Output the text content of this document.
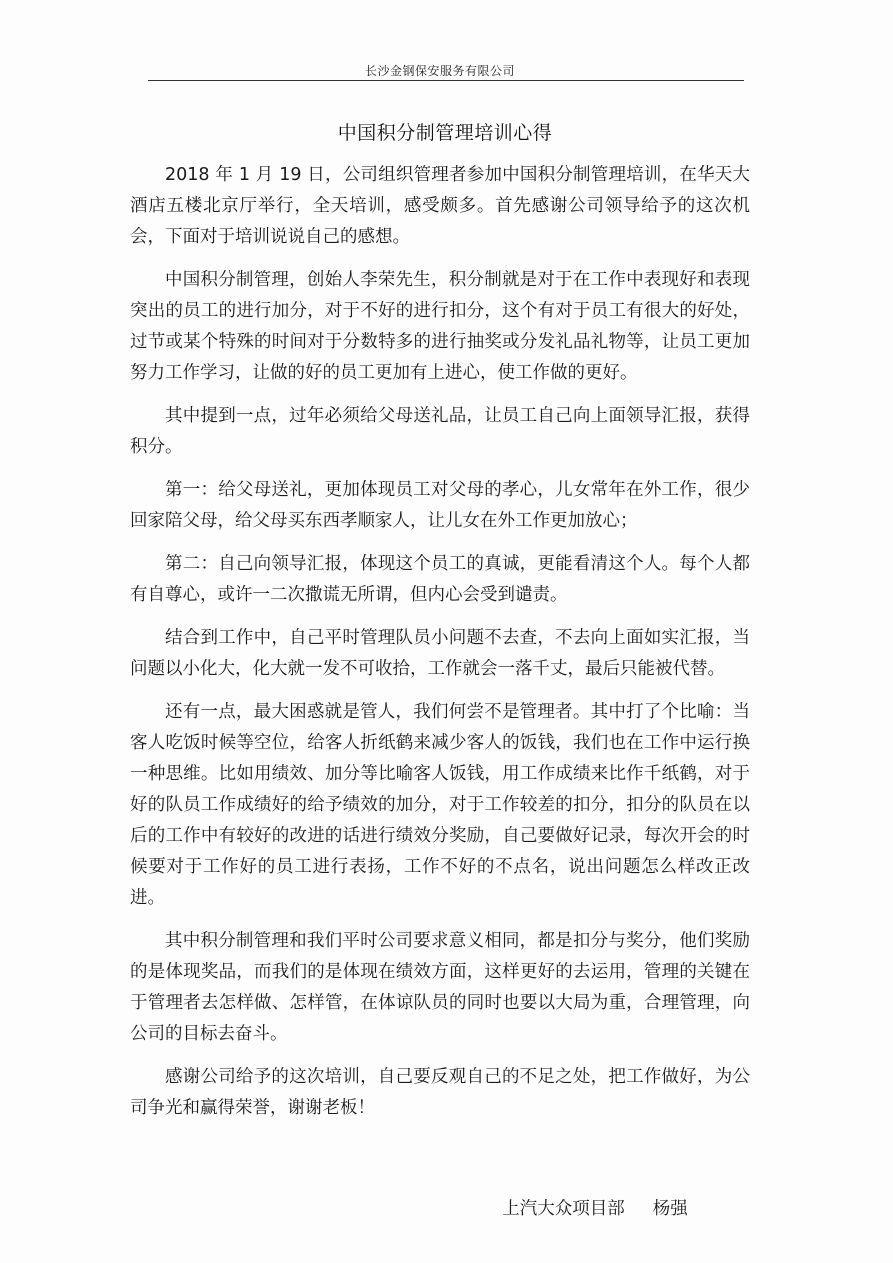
长沙金钢保安服务有限公司
中国积分制管理培训心得

2018 年 1 月 19 日，公司组织管理者参加中国积分制管理培训，在华天大酒店五楼北京厅举行，全天培训，感受颇多。首先感谢公司领导给予的这次机会，下面对于培训说说自己的感想。

中国积分制管理，创始人李荣先生，积分制就是对于在工作中表现好和表现突出的员工的进行加分，对于不好的进行扣分，这个有对于员工有很大的好处，过节或某个特殊的时间对于分数特多的进行抽奖或分发礼品礼物等，让员工更加努力工作学习，让做的好的员工更加有上进心，使工作做的更好。

其中提到一点，过年必须给父母送礼品，让员工自己向上面领导汇报，获得积分。

第一：给父母送礼，更加体现员工对父母的孝心，儿女常年在外工作，很少回家陪父母，给父母买东西孝顺家人，让儿女在外工作更加放心；

第二：自己向领导汇报，体现这个员工的真诚，更能看清这个人。每个人都有自尊心，或许一二次撒谎无所谓，但内心会受到谴责。

结合到工作中，自己平时管理队员小问题不去查，不去向上面如实汇报，当问题以小化大，化大就一发不可收拾，工作就会一落千丈，最后只能被代替。

还有一点，最大困惑就是管人，我们何尝不是管理者。其中打了个比喻：当客人吃饭时候等空位，给客人折纸鹤来减少客人的饭钱，我们也在工作中运行换一种思维。比如用绩效、加分等比喻客人饭钱，用工作成绩来比作千纸鹤，对于好的队员工作成绩好的给予绩效的加分，对于工作较差的扣分，扣分的队员在以后的工作中有较好的改进的话进行绩效分奖励，自己要做好记录，每次开会的时候要对于工作好的员工进行表扬，工作不好的不点名，说出问题怎么样改正改进。

其中积分制管理和我们平时公司要求意义相同，都是扣分与奖分，他们奖励的是体现奖品，而我们的是体现在绩效方面，这样更好的去运用，管理的关键在于管理者去怎样做、怎样管，在体谅队员的同时也要以大局为重，合理管理，向公司的目标去奋斗。

感谢公司给予的这次培训，自己要反观自己的不足之处，把工作做好，为公司争光和赢得荣誉，谢谢老板！

上汽大众项目部 杨强
